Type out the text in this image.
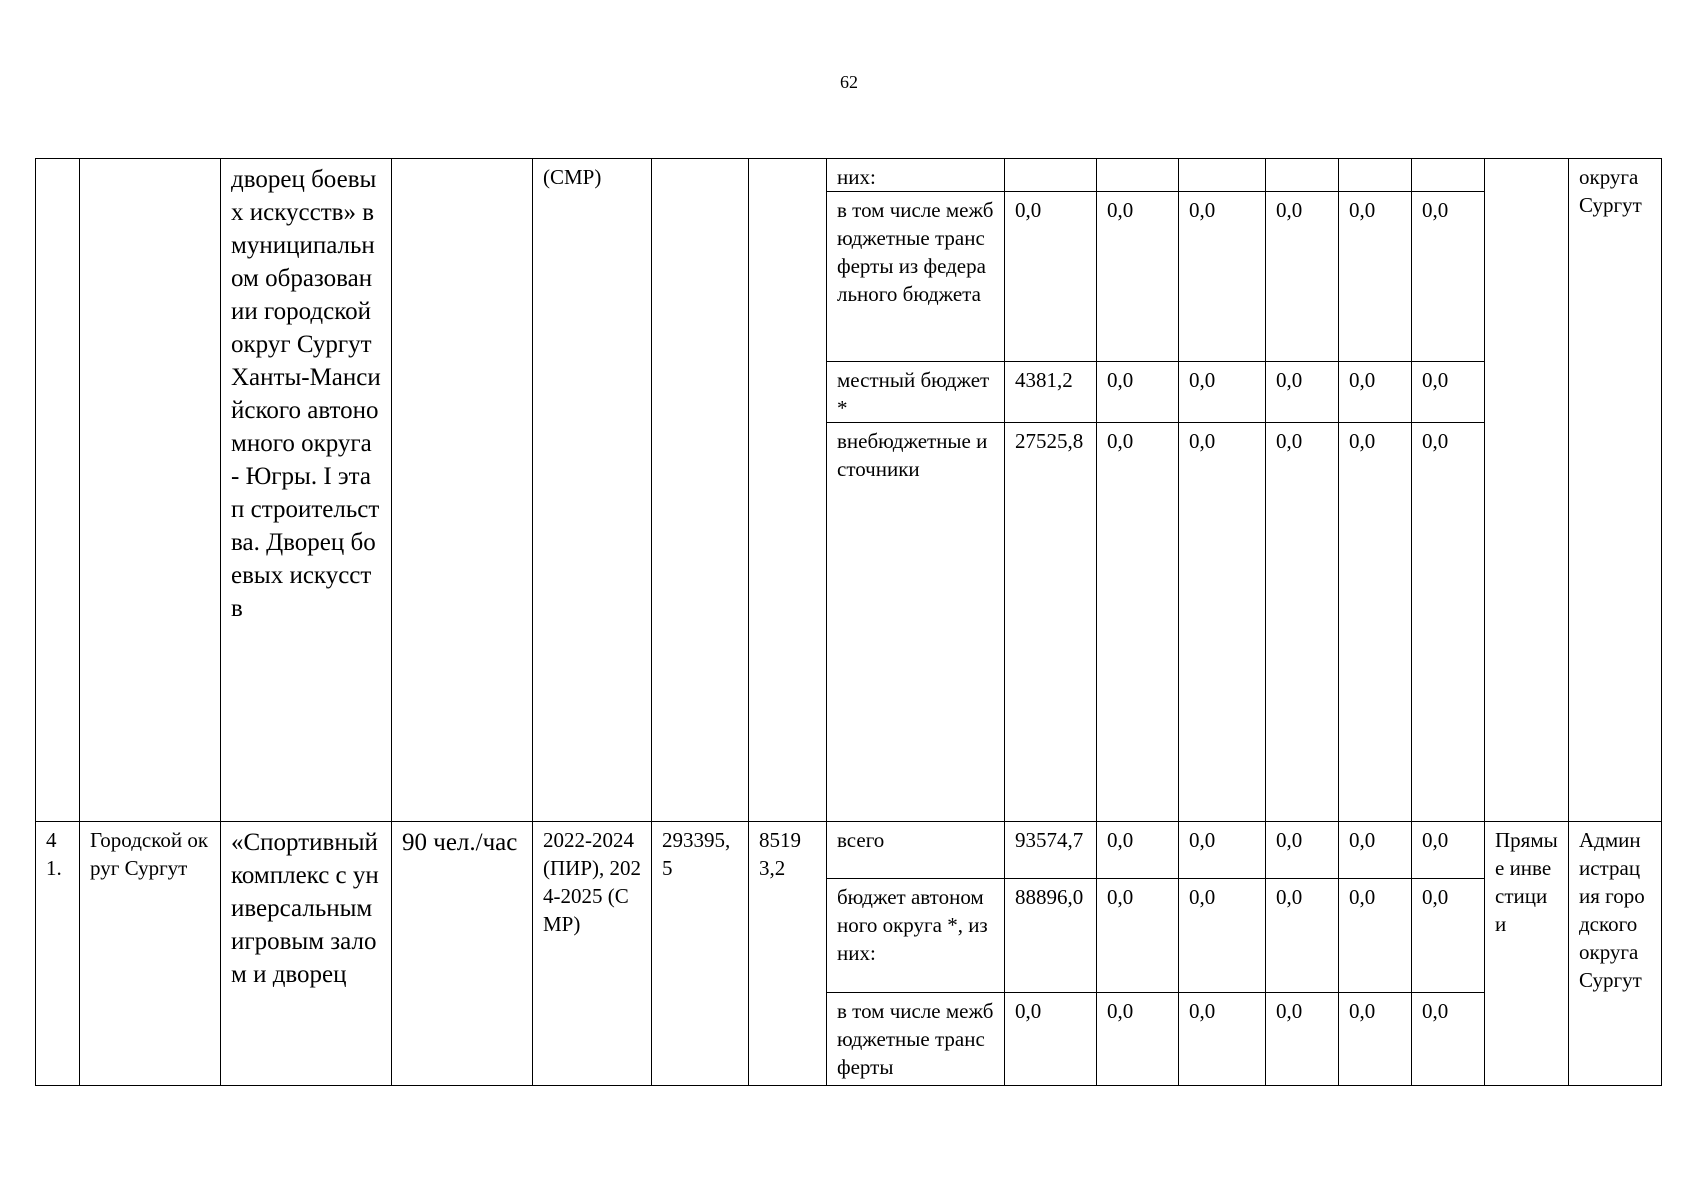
62
		дворец боевых искусств» в муниципальном образовании городской округ Сургут Ханты-Мансийского автономного округа - Югры. I этап строительства. Дворец боевых искусств		(СМР)			них:								округа Сургут
							в том числе межбюджетные трансферты из федерального бюджета	0,0	0,0	0,0	0,0	0,0	0,0		
							местный бюджет*	4381,2	0,0	0,0	0,0	0,0	0,0		
							внебюджетные источники	27525,8	0,0	0,0	0,0	0,0	0,0		
41.	Городской округ Сургут	«Спортивный комплекс с универсальным игровым залом и дворец	90 чел./час	2022-2024 (ПИР), 2024-2025 (СМР)	293395,5	85193,2	всего	93574,7	0,0	0,0	0,0	0,0	0,0	Прямые инвестиции	Администрация городского округа Сургут
							бюджет автономного округа *, из них:	88896,0	0,0	0,0	0,0	0,0	0,0		
							в том числе межбюджетные трансферты	0,0	0,0	0,0	0,0	0,0	0,0		
